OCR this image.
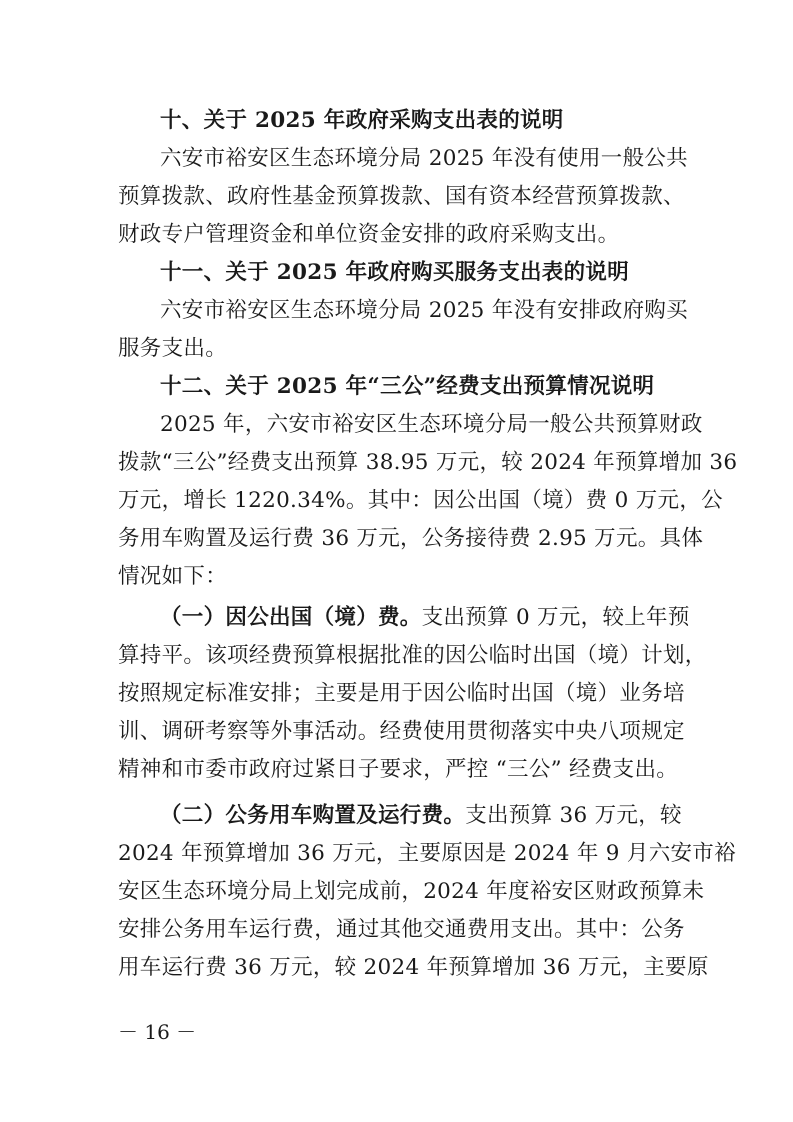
十、关于 2025 年政府采购支出表的说明
六安市裕安区生态环境分局 2025 年没有使用一般公共
预算拨款、政府性基金预算拨款、国有资本经营预算拨款、
财政专户管理资金和单位资金安排的政府采购支出。
十一、关于 2025 年政府购买服务支出表的说明
六安市裕安区生态环境分局 2025 年没有安排政府购买
服务支出。
十二、关于 2025 年“三公”经费支出预算情况说明
2025 年，六安市裕安区生态环境分局一般公共预算财政
拨款“三公”经费支出预算 38.95 万元，较 2024 年预算增加 36
万元，增长 1220.34%。其中：因公出国（境）费 0 万元，公
务用车购置及运行费 36 万元，公务接待费 2.95 万元。具体
情况如下：
（一）因公出国（境）费。支出预算 0 万元，较上年预
算持平。该项经费预算根据批准的因公临时出国（境）计划，
按照规定标准安排；主要是用于因公临时出国（境）业务培
训、调研考察等外事活动。经费使用贯彻落实中央八项规定
精神和市委市政府过紧日子要求，严控 “三公” 经费支出。
（二）公务用车购置及运行费。支出预算 36 万元，较
2024 年预算增加 36 万元，主要原因是 2024 年 9 月六安市裕
安区生态环境分局上划完成前，2024 年度裕安区财政预算未
安排公务用车运行费，通过其他交通费用支出。其中：公务
用车运行费 36 万元，较 2024 年预算增加 36 万元，主要原
－ 16 －
